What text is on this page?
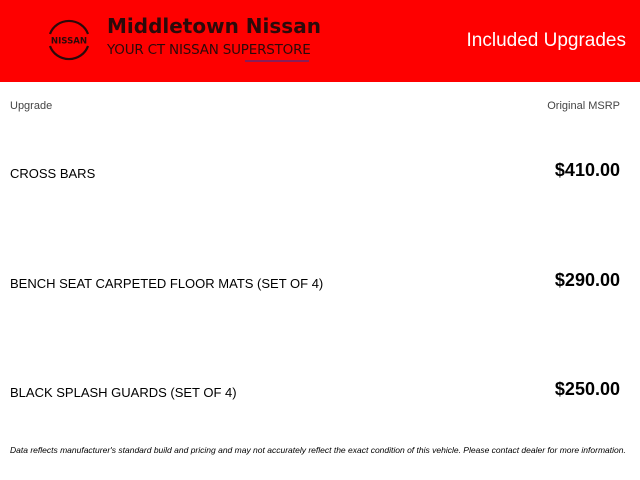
NISSAN
Middletown Nissan
YOUR CT NISSAN SUPERSTORE	Included Upgrades
Upgrade	Original MSRP
CROSS BARS	$410.00
BENCH SEAT CARPETED FLOOR MATS (SET OF 4)	$290.00
BLACK SPLASH GUARDS (SET OF 4)	$250.00
Data reflects manufacturer's standard build and pricing and may not accurately reflect the exact condition of this vehicle. Please contact dealer for more information.
